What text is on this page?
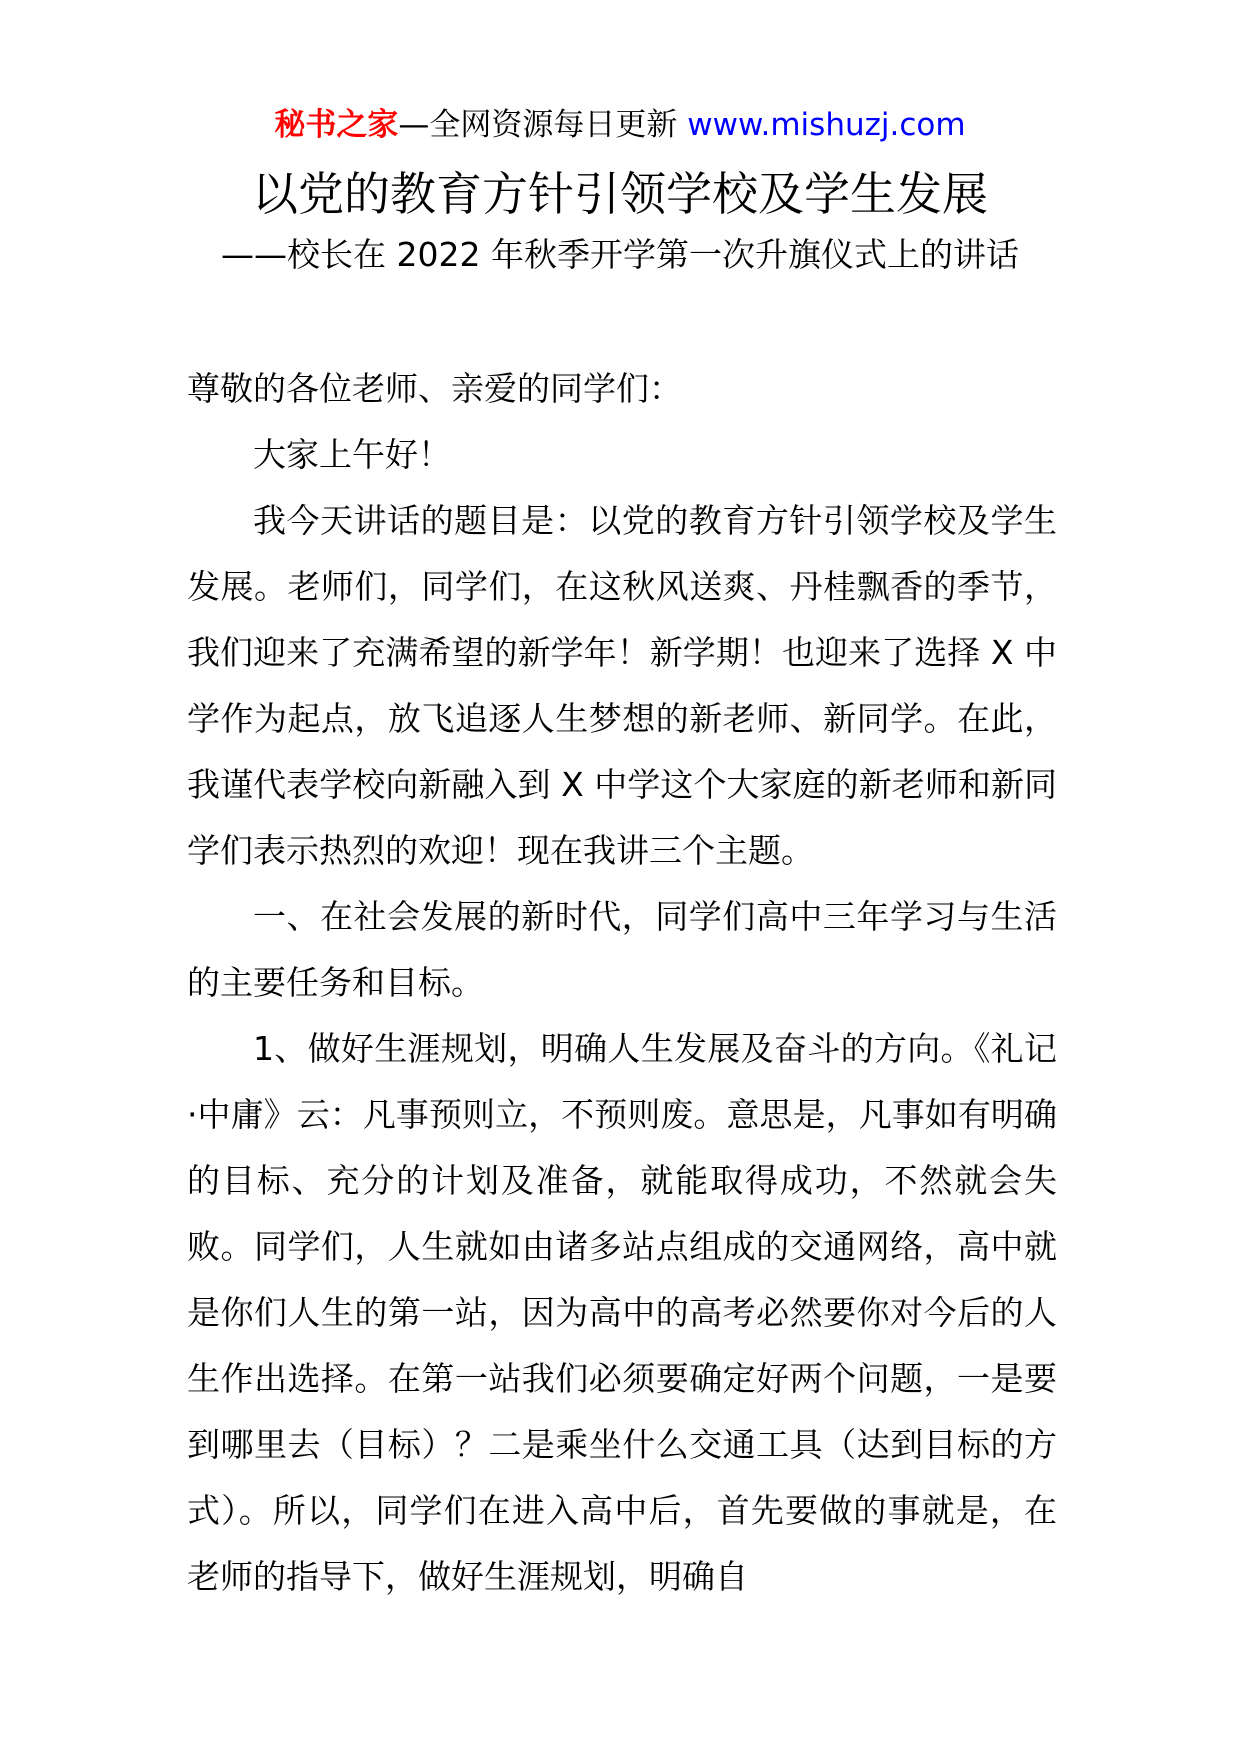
秘书之家—全网资源每日更新 www.mishuzj.com
以党的教育方针引领学校及学生发展
——校长在 2022 年秋季开学第一次升旗仪式上的讲话

尊敬的各位老师、亲爱的同学们：

大家上午好！

我今天讲话的题目是：以党的教育方针引领学校及学生发展。老师们，同学们，在这秋风送爽、丹桂飘香的季节，我们迎来了充满希望的新学年！新学期！也迎来了选择 X 中学作为起点，放飞追逐人生梦想的新老师、新同学。在此，我谨代表学校向新融入到 X 中学这个大家庭的新老师和新同学们表示热烈的欢迎！现在我讲三个主题。

一、在社会发展的新时代，同学们高中三年学习与生活的主要任务和目标。

1、做好生涯规划，明确人生发展及奋斗的方向。《礼记·中庸》云：凡事预则立，不预则废。意思是，凡事如有明确的目标、充分的计划及准备，就能取得成功，不然就会失败。同学们，人生就如由诸多站点组成的交通网络，高中就是你们人生的第一站，因为高中的高考必然要你对今后的人生作出选择。在第一站我们必须要确定好两个问题，一是要到哪里去（目标）？二是乘坐什么交通工具（达到目标的方式）。所以，同学们在进入高中后，首先要做的事就是，在老师的指导下，做好生涯规划，明确自
